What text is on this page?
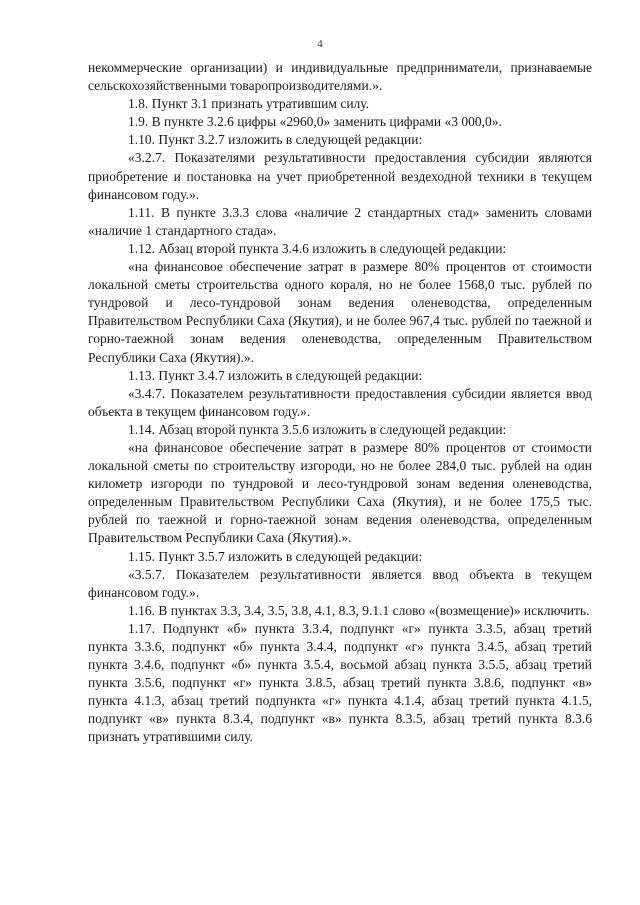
4

некоммерческие организации) и индивидуальные предприниматели, признаваемые сельскохозяйственными товаропроизводителями.».

1.8. Пункт 3.1 признать утратившим силу.

1.9. В пункте 3.2.6 цифры «2960,0» заменить цифрами «3 000,0».

1.10. Пункт 3.2.7 изложить в следующей редакции:

«3.2.7. Показателями результативности предоставления субсидии являются приобретение и постановка на учет приобретенной вездеходной техники в текущем финансовом году.».

1.11. В пункте 3.3.3 слова «наличие 2 стандартных стад» заменить словами «наличие 1 стандартного стада».

1.12. Абзац второй пункта 3.4.6 изложить в следующей редакции:

«на финансовое обеспечение затрат в размере 80% процентов от стоимости локальной сметы строительства одного кораля, но не более 1568,0 тыс. рублей по тундровой и лесо-тундровой зонам ведения оленеводства, определенным Правительством Республики Саха (Якутия), и не более 967,4 тыс. рублей по таежной и горно-таежной зонам ведения оленеводства, определенным Правительством Республики Саха (Якутия).».

1.13. Пункт 3.4.7 изложить в следующей редакции:

«3.4.7. Показателем результативности предоставления субсидии является ввод объекта в текущем финансовом году.».

1.14. Абзац второй пункта 3.5.6 изложить в следующей редакции:

«на финансовое обеспечение затрат в размере 80% процентов от стоимости локальной сметы по строительству изгороди, но не более 284,0 тыс. рублей на один километр изгороди по тундровой и лесо-тундровой зонам ведения оленеводства, определенным Правительством Республики Саха (Якутия), и не более 175,5 тыс. рублей по таежной и горно-таежной зонам ведения оленеводства, определенным Правительством Республики Саха (Якутия).».

1.15. Пункт 3.5.7 изложить в следующей редакции:

«3.5.7. Показателем результативности является ввод объекта в текущем финансовом году.».

1.16. В пунктах 3.3, 3.4, 3.5, 3.8, 4.1, 8.3, 9.1.1 слово «(возмещение)» исключить.

1.17. Подпункт «б» пункта 3.3.4, подпункт «г» пункта 3.3.5, абзац третий пункта 3.3.6, подпункт «б» пункта 3.4.4, подпункт «г» пункта 3.4.5, абзац третий пункта 3.4.6, подпункт «б» пункта 3.5.4, восьмой абзац пункта 3.5.5, абзац третий пункта 3.5.6, подпункт «г» пункта 3.8.5, абзац третий пункта 3.8.6, подпункт «в» пункта 4.1.3, абзац третий подпункта «г» пункта 4.1.4, абзац третий пункта 4.1.5, подпункт «в» пункта 8.3.4, подпункт «в» пункта 8.3.5, абзац третий пункта 8.3.6 признать утратившими силу.
